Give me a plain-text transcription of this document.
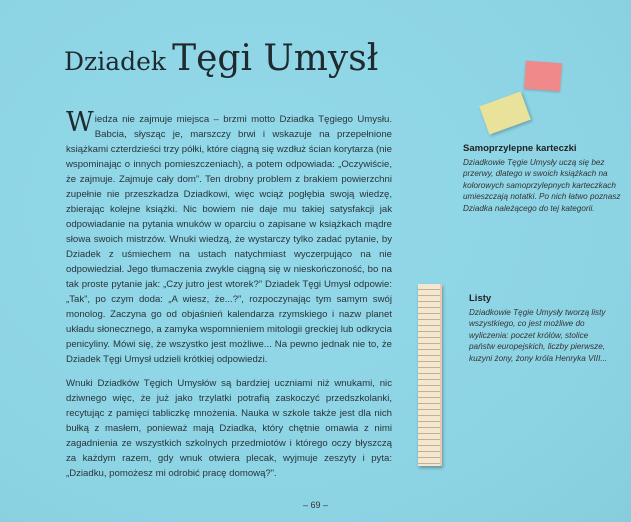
Dziadek Tęgi Umysł

Wiedza nie zajmuje miejsca – brzmi motto Dziadka Tęgiego Umysłu. Babcia, słysząc je, marszczy brwi i wskazuje na przepełnione książkami czterdzieści trzy półki, które ciągną się wzdłuż ścian korytarza (nie wspominając o innych pomieszczeniach), a potem odpowiada: „Oczywiście, że zajmuje. Zajmuje cały dom”. Ten drobny problem z brakiem powierzchni zupełnie nie przeszkadza Dziadkowi, więc wciąż pogłębia swoją wiedzę, zbierając kolejne książki. Nic bowiem nie daje mu takiej satysfakcji jak odpowiadanie na pytania wnuków w oparciu o zapisane w książkach mądre słowa swoich mistrzów. Wnuki wiedzą, że wystarczy tylko zadać pytanie, by Dziadek z uśmiechem na ustach natychmiast wyczerpująco na nie odpowiedział. Jego tłumaczenia zwykle ciągną się w nieskończoność, bo na tak proste pytanie jak: „Czy jutro jest wtorek?” Dziadek Tęgi Umysł odpowie: „Tak”, po czym doda: „A wiesz, że...?”, rozpoczynając tym samym swój monolog. Zaczyna go od objaśnień kalendarza rzymskiego i nazw planet układu słonecznego, a zamyka wspomnieniem mitologii greckiej lub odkrycia penicyliny. Mówi się, że wszystko jest możliwe... Na pewno jednak nie to, że Dziadek Tęgi Umysł udzieli krótkiej odpowiedzi.

Wnuki Dziadków Tęgich Umysłów są bardziej uczniami niż wnukami, nic dziwnego więc, że już jako trzylatki potrafią zaskoczyć przedszkolanki, recytując z pamięci tabliczkę mnożenia. Nauka w szkole także jest dla nich bułką z masłem, ponieważ mają Dziadka, który chętnie omawia z nimi zagadnienia ze wszystkich szkolnych przedmiotów i którego oczy błyszczą za każdym razem, gdy wnuk otwiera plecak, wyjmuje zeszyty i pyta: „Dziadku, pomożesz mi odrobić pracę domową?”.

Samoprzylepne karteczki

Dziadkowie Tęgie Umysły uczą się bez przerwy, dlatego w swoich książkach na kolorowych samoprzylepnych karteczkach umieszczają notatki. Po nich łatwo poznasz Dziadka należącego do tej kategorii.

Listy

Dziadkowie Tęgie Umysły tworzą listy wszystkiego, co jest możliwe do wyliczenia: poczet królów, stolice państw europejskich, liczby pierwsze, kuzyni żony, żony króla Henryka VIII...

– 69 –
